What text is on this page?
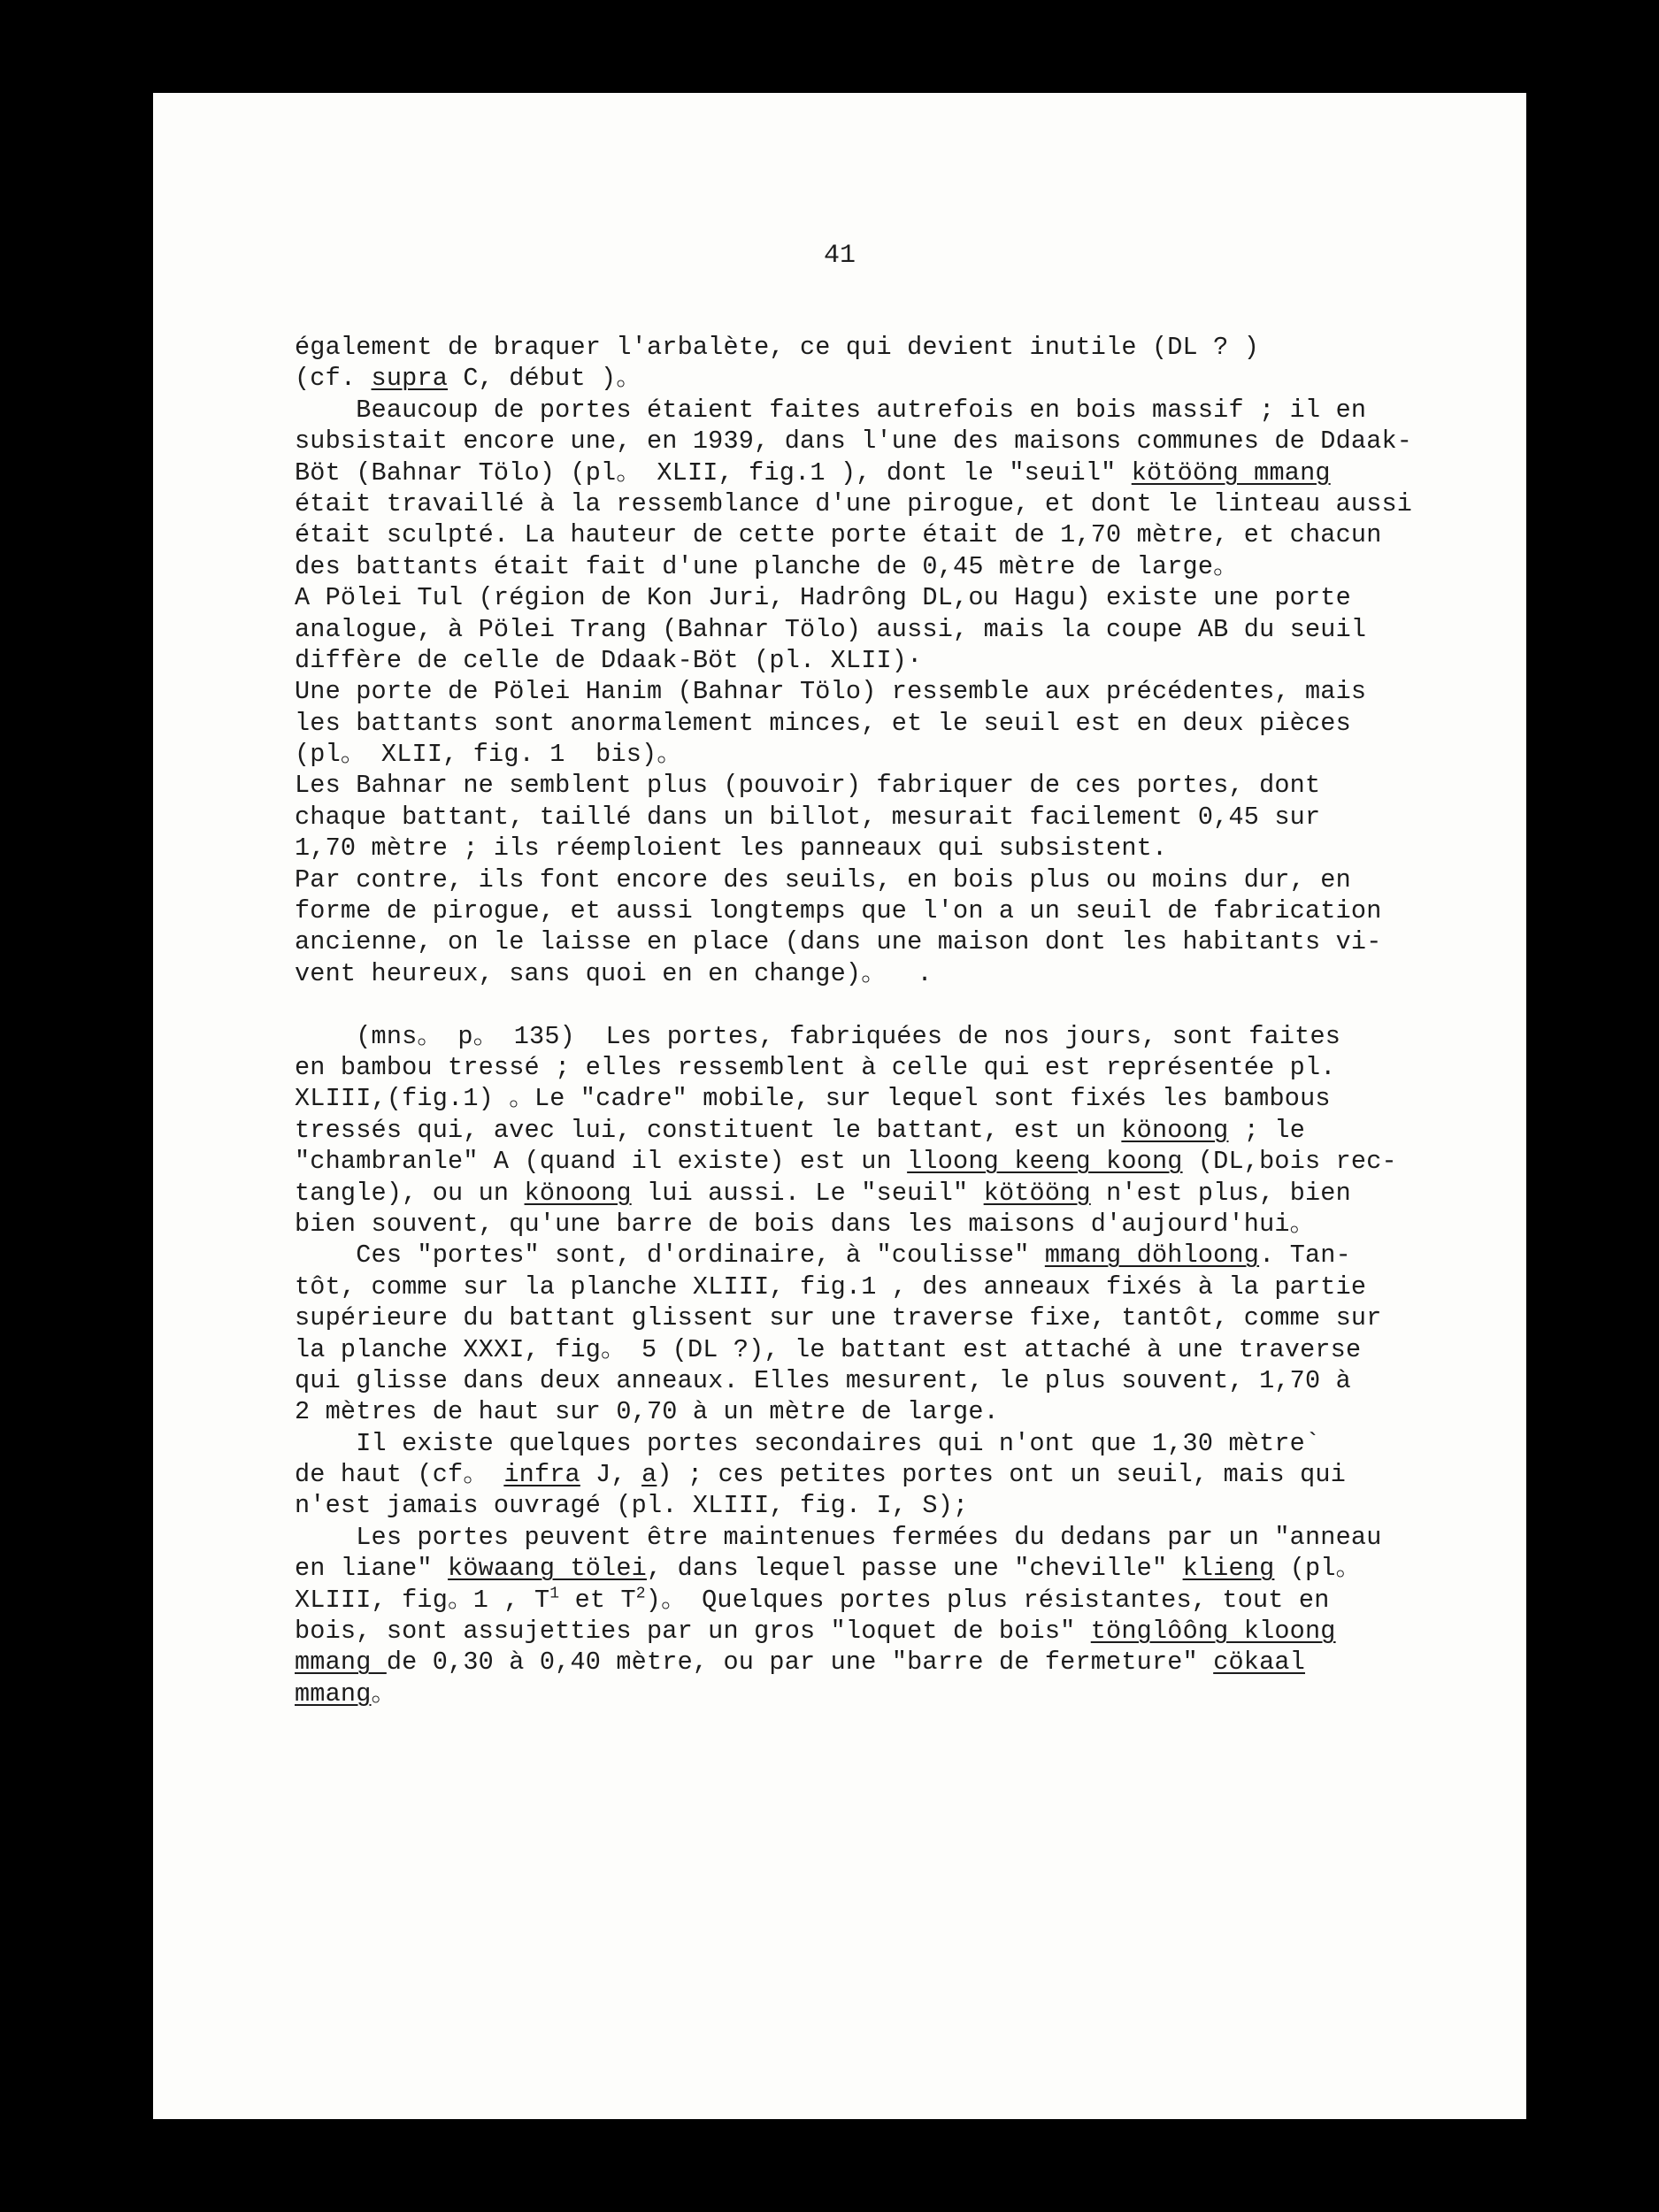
41
également de braquer l'arbalète, ce qui devient inutile (DL ? )
(cf. supra C, début )。
Beaucoup de portes étaient faites autrefois en bois massif ; il en
subsistait encore une, en 1939, dans l'une des maisons communes de Ddaak-
Böt (Bahnar Tölo) (pl。 XLII, fig.1 ), dont le "seuil" kötööng mmang
était travaillé à la ressemblance d'une pirogue, et dont le linteau aussi
était sculpté. La hauteur de cette porte était de 1,70 mètre, et chacun
des battants était fait d'une planche de 0,45 mètre de large。
A Pölei Tul (région de Kon Juri, Hadrông DL,ou Hagu) existe une porte
analogue, à Pölei Trang (Bahnar Tölo) aussi, mais la coupe AB du seuil
diffère de celle de Ddaak-Böt (pl. XLII)·
Une porte de Pölei Hanim (Bahnar Tölo) ressemble aux précédentes, mais
les battants sont anormalement minces, et le seuil est en deux pièces
(pl。 XLII, fig. 1  bis)。
Les Bahnar ne semblent plus (pouvoir) fabriquer de ces portes, dont
chaque battant, taillé dans un billot, mesurait facilement 0,45 sur
1,70 mètre ; ils réemploient les panneaux qui subsistent.
Par contre, ils font encore des seuils, en bois plus ou moins dur, en
forme de pirogue, et aussi longtemps que l'on a un seuil de fabrication
ancienne, on le laisse en place (dans une maison dont les habitants vi-
vent heureux, sans quoi en en change)。  .
(mns。 p。 135)  Les portes, fabriquées de nos jours, sont faites
en bambou tressé ; elles ressemblent à celle qui est représentée pl.
XLIII,(fig.1) 。Le "cadre" mobile, sur lequel sont fixés les bambous
tressés qui, avec lui, constituent le battant, est un könoong ; le
"chambranle" A (quand il existe) est un lloong keeng koong (DL,bois rec-
tangle), ou un könoong lui aussi. Le "seuil" kötööng n'est plus, bien
bien souvent, qu'une barre de bois dans les maisons d'aujourd'hui。
Ces "portes" sont, d'ordinaire, à "coulisse" mmang döhloong. Tan-
tôt, comme sur la planche XLIII, fig.1 , des anneaux fixés à la partie
supérieure du battant glissent sur une traverse fixe, tantôt, comme sur
la planche XXXI, fig。 5 (DL ?), le battant est attaché à une traverse
qui glisse dans deux anneaux. Elles mesurent, le plus souvent, 1,70 à
2 mètres de haut sur 0,70 à un mètre de large.
Il existe quelques portes secondaires qui n'ont que 1,30 mètre`
de haut (cf。 infra J, a) ; ces petites portes ont un seuil, mais qui
n'est jamais ouvragé (pl. XLIII, fig. I, S);
Les portes peuvent être maintenues fermées du dedans par un "anneau
en liane" köwaang tölei, dans lequel passe une "cheville" klieng (pl。
XLIII, fig。1 , $T^1$ et $T^2$)。 Quelques portes plus résistantes, tout en
bois, sont assujetties par un gros "loquet de bois" tönglôông kloong
mmang de 0,30 à 0,40 mètre, ou par une "barre de fermeture" cökaal
mmang。
